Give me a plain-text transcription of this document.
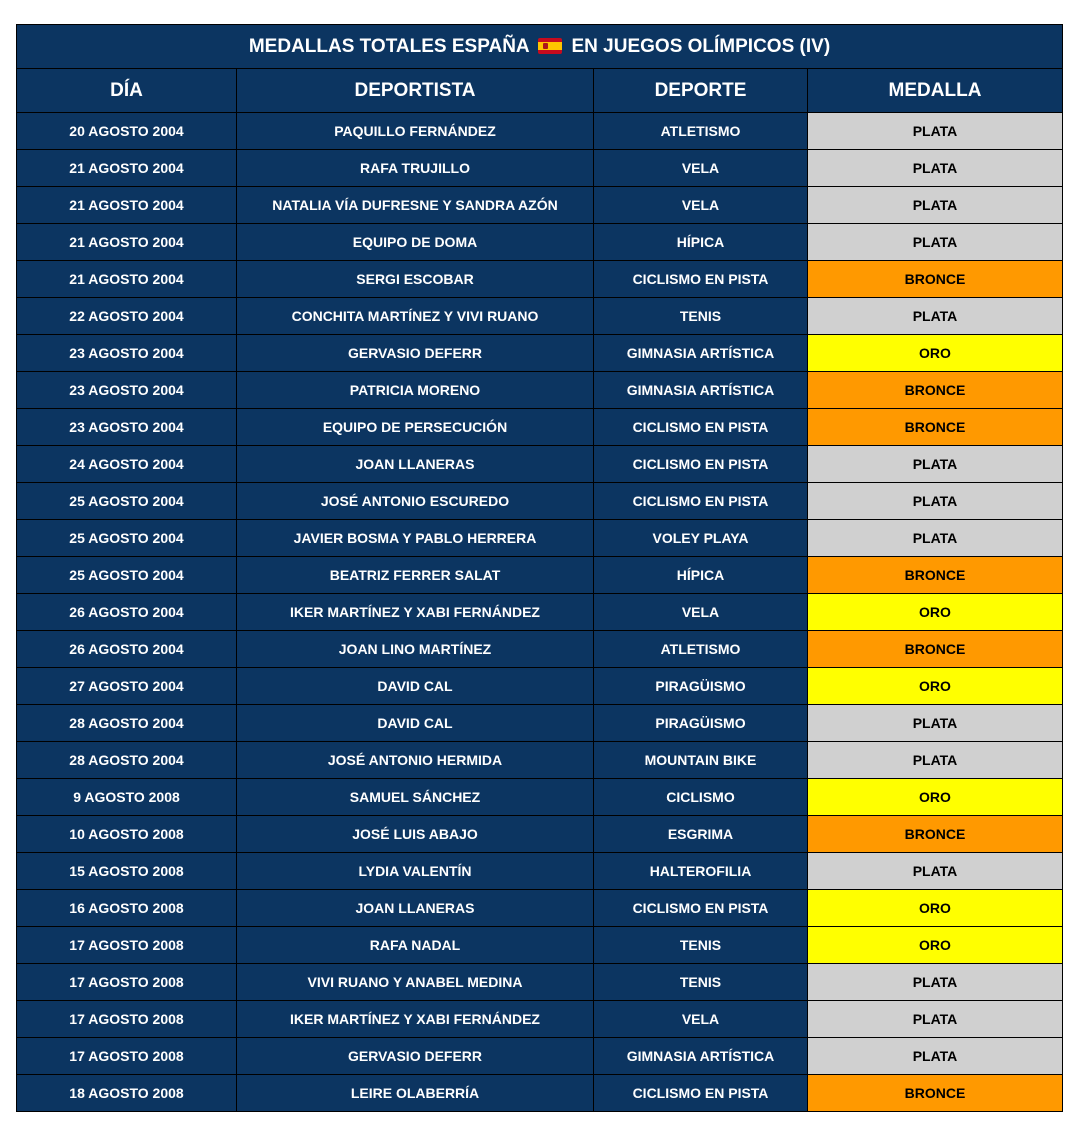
MEDALLAS TOTALES ESPAÑA EN JUEGOS OLÍMPICOS (IV)			
DÍA	DEPORTISTA	DEPORTE	MEDALLA
20 AGOSTO 2004	PAQUILLO FERNÁNDEZ	ATLETISMO	PLATA
21 AGOSTO 2004	RAFA TRUJILLO	VELA	PLATA
21 AGOSTO 2004	NATALIA VÍA DUFRESNE Y SANDRA AZÓN	VELA	PLATA
21 AGOSTO 2004	EQUIPO DE DOMA	HÍPICA	PLATA
21 AGOSTO 2004	SERGI ESCOBAR	CICLISMO EN PISTA	BRONCE
22 AGOSTO 2004	CONCHITA MARTÍNEZ Y VIVI RUANO	TENIS	PLATA
23 AGOSTO 2004	GERVASIO DEFERR	GIMNASIA ARTÍSTICA	ORO
23 AGOSTO 2004	PATRICIA MORENO	GIMNASIA ARTÍSTICA	BRONCE
23 AGOSTO 2004	EQUIPO DE PERSECUCIÓN	CICLISMO EN PISTA	BRONCE
24 AGOSTO 2004	JOAN LLANERAS	CICLISMO EN PISTA	PLATA
25 AGOSTO 2004	JOSÉ ANTONIO ESCUREDO	CICLISMO EN PISTA	PLATA
25 AGOSTO 2004	JAVIER BOSMA Y PABLO HERRERA	VOLEY PLAYA	PLATA
25 AGOSTO 2004	BEATRIZ FERRER SALAT	HÍPICA	BRONCE
26 AGOSTO 2004	IKER MARTÍNEZ Y XABI FERNÁNDEZ	VELA	ORO
26 AGOSTO 2004	JOAN LINO MARTÍNEZ	ATLETISMO	BRONCE
27 AGOSTO 2004	DAVID CAL	PIRAGÜISMO	ORO
28 AGOSTO 2004	DAVID CAL	PIRAGÜISMO	PLATA
28 AGOSTO 2004	JOSÉ ANTONIO HERMIDA	MOUNTAIN BIKE	PLATA
9 AGOSTO 2008	SAMUEL SÁNCHEZ	CICLISMO	ORO
10 AGOSTO 2008	JOSÉ LUIS ABAJO	ESGRIMA	BRONCE
15 AGOSTO 2008	LYDIA VALENTÍN	HALTEROFILIA	PLATA
16 AGOSTO 2008	JOAN LLANERAS	CICLISMO EN PISTA	ORO
17 AGOSTO 2008	RAFA NADAL	TENIS	ORO
17 AGOSTO 2008	VIVI RUANO Y ANABEL MEDINA	TENIS	PLATA
17 AGOSTO 2008	IKER MARTÍNEZ Y XABI FERNÁNDEZ	VELA	PLATA
17 AGOSTO 2008	GERVASIO DEFERR	GIMNASIA ARTÍSTICA	PLATA
18 AGOSTO 2008	LEIRE OLABERRÍA	CICLISMO EN PISTA	BRONCE
